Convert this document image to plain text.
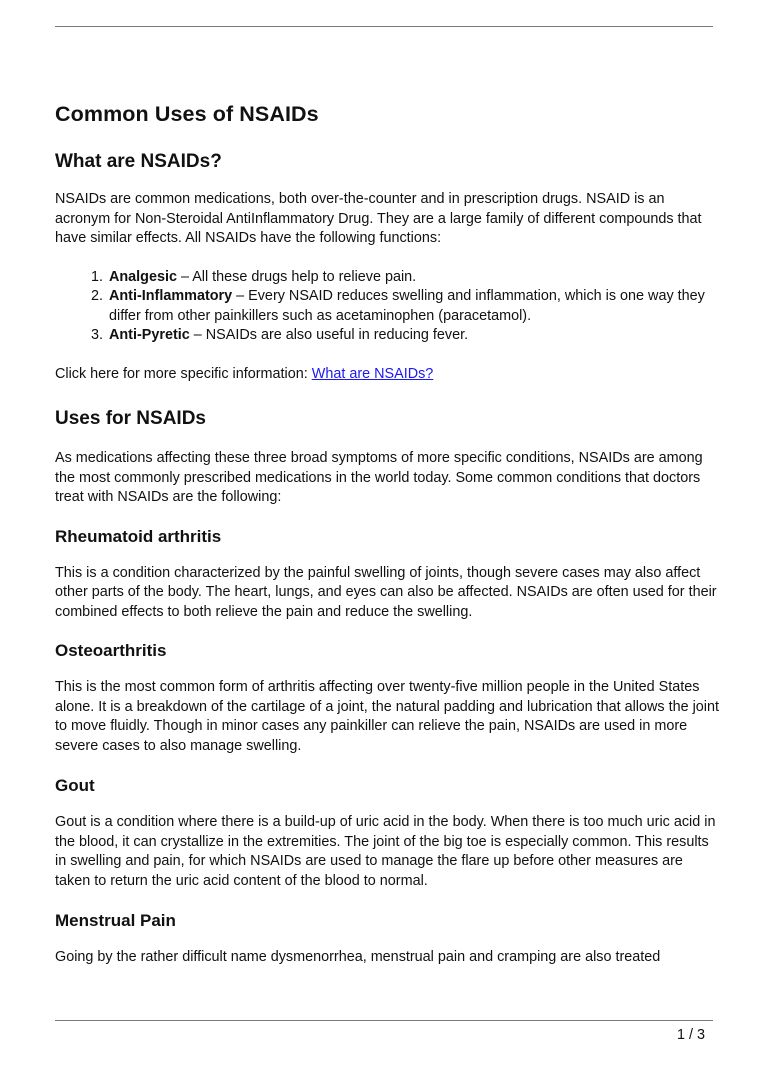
Common Uses of NSAIDs
What are NSAIDs?

NSAIDs are common medications, both over-the-counter and in prescription drugs. NSAID is an acronym for Non-Steroidal AntiInflammatory Drug. They are a large family of different compounds that have similar effects. All NSAIDs have the following functions:

1. Analgesic – All these drugs help to relieve pain.
2. Anti-Inflammatory – Every NSAID reduces swelling and inflammation, which is one way they differ from other painkillers such as acetaminophen (paracetamol).
3. Anti-Pyretic – NSAIDs are also useful in reducing fever.

Click here for more specific information: What are NSAIDs?

Uses for NSAIDs

As medications affecting these three broad symptoms of more specific conditions, NSAIDs are among the most commonly prescribed medications in the world today. Some common conditions that doctors treat with NSAIDs are the following:

Rheumatoid arthritis

This is a condition characterized by the painful swelling of joints, though severe cases may also affect other parts of the body. The heart, lungs, and eyes can also be affected. NSAIDs are often used for their combined effects to both relieve the pain and reduce the swelling.

Osteoarthritis

This is the most common form of arthritis affecting over twenty-five million people in the United States alone. It is a breakdown of the cartilage of a joint, the natural padding and lubrication that allows the joint to move fluidly. Though in minor cases any painkiller can relieve the pain, NSAIDs are used in more severe cases to also manage swelling.

Gout

Gout is a condition where there is a build-up of uric acid in the body. When there is too much uric acid in the blood, it can crystallize in the extremities. The joint of the big toe is especially common. This results in swelling and pain, for which NSAIDs are used to manage the flare up before other measures are taken to return the uric acid content of the blood to normal.

Menstrual Pain

Going by the rather difficult name dysmenorrhea, menstrual pain and cramping are also treated

1 / 3
